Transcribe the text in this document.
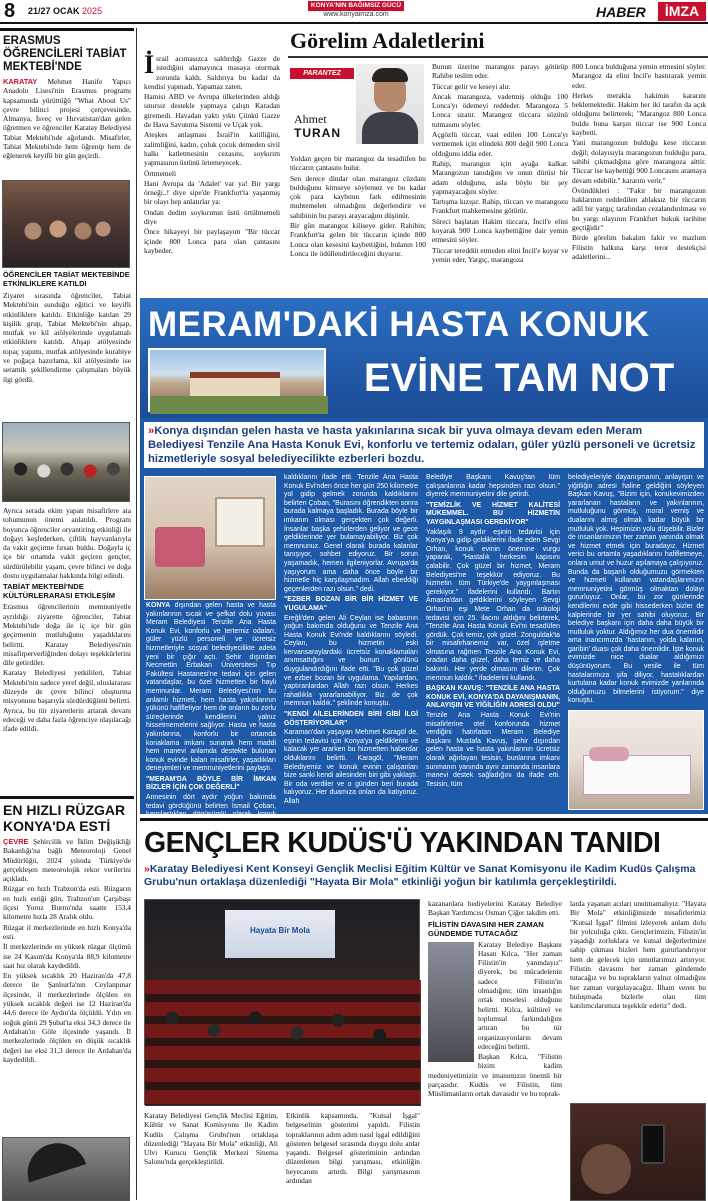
8 21/27 OCAK 2025
KONYA'NIN BAĞIMSIZ GÜCÜ
www.konyaimza.com	HABER	İMZA
ERASMUS ÖĞRENCİLERİ TABİAT MEKTEBİ'NDE

KARATAY Mehmet Hanife Yapıcı Anadolu Lisesi'nin Erasmus programı kapsamında yürüttüğü "What About Us" çevre bilinci projesi çerçevesinde, Almanya, İsveç ve Hırvatistan'dan gelen öğretmen ve öğrenciler Karatay Belediyesi Tabiat Mektebi'nde ağırlandı. Misafirler, Tabiat Mektebi'nde hem öğrenip hem de eğlenerek keyifli bir gün geçirdi.

ÖĞRENCİLER TABİAT MEKTEBİNDE ETKİNLİKLERE KATILDI

Ziyaret sırasında öğrenciler, Tabiat Mektebi'nin sunduğu eğitici ve keyifli etkinliklere katıldı. Etkinliğe katılan 29 kişilik grup, Tabiat Mektebi'nin ahşap, mutfak ve kil atölyelerinde uygulamalı etkinliklere katıldı. Ahşap atölyesinde topaç yapımı, mutfak atölyesinde kurabiye ve poğaça hazırlama, kil atölyesinde ise seramik şekillendirme çalışmaları büyük ilgi gördü.

Ayrıca serada ekim yapan misafirlere ata tohumunun önemi anlatıldı. Program boyunca öğrenciler oryantiring etkinliği ile doğayı keşfederken, çiftlik hayvanlarıyla da vakit geçirme fırsatı buldu. Doğayla iç içe bir ortamda vakit geçiren gençler, sürdürülebilir yaşam, çevre bilinci ve doğa dostu uygulamalar hakkında bilgi edindi.

TABİAT MEKTEBİ'NDE KÜLTÜRLERARASI ETKİLEŞİM

Erasmus öğrencilerinin memnuniyetle ayrıldığı ziyarette öğrenciler, Tabiat Mektebi'nde doğa ile iç içe bir gün geçirmenin mutluluğunu yaşadıklarını belirtti. Karatay Belediyesi'nin misafirperverliğinden dolayı teşekkürlerini dile getirdiler.

Karatay Belediyesi yetkilileri, Tabiat Mektebi'nin sadece yerel değil, uluslararası düzeyde de çevre bilinci oluşturma misyonunu başarıyla sürdürdüğünü belirtti. Ayrıca, bu tür ziyaretlerin artarak devam edeceği ve daha fazla öğrenciye ulaşılacağı ifade edildi.

EN HIZLI RÜZGAR KONYA'DA ESTİ

ÇEVRE Şehircilik ve İklim Değişikliği Bakanlığı'na bağlı Meteoroloji Genel Müdürlüğü, 2024 yılında Türkiye'de gerçekleşen meteorolojik rekor verilerini açıkladı.

Rüzgar en hızlı Trabzon'da esti. Rüzgarın en hızlı estiği gün, Trabzon'un Çarşıbaşı ilçesi Yoruz Burnu'nda saatte 153,4 kilometre hızla 28 Aralık oldu.

Rüzgar il merkezlerinde en hızlı Konya'da esti.

İl merkezlerinde en yüksek rüzgar ölçümü ise 24 Kasım'da Konya'da 88,9 kilometre saat hız olarak kaydedildi.

En yüksek sıcaklık 20 Haziran'da 47,8 derece ile Şanlıurfa'nın Ceylanpınar ilçesinde, il merkezlerinde ölçülen en yüksek sıcaklık değeri ise 12 Haziran'da 44,6 derece ile Aydın'da ölçüldü. Yılın en soğuk günü 29 Şubat'ta eksi 34,3 derece ile Ardahan'ın Göle ilçesinde yaşandı. İl merkezlerinde ölçülen en düşük sıcaklık değeri ise eksi 31,3 derece ile Ardahan'da kaydedildi.

Görelim Adaletlerini

İsrail acımasızca saldırdığı Gazze de istediğini alamayınca masaya oturmak zorunda kaldı. Saldırıya bu kadar da kendisi yapmadı. Yapamaz zaten.

Hamisi ABD ve Avrupa ülkelerinden aldığı sınırsız destekle yapmaya çalıştı Karadan giremedi. Havadan yaktı yıktı Çünkü Gazze de Hava Savunma Sistemi ve Uçak yok.

Ateşkes anlaşması İsrail'in katilliğini, zalimliğini, kadın, çoluk çocuk demeden sivil halkı katletmesinin cezasını, soykırım yapmasının üstünü örtemeyecek.

Örtmemeli

Hani Avrupa da 'Adalet' var ya! Bir yargı örneği..! diye sipe'de Frankfurt'ta yaşanmış bir olayı hep anlatırlar ya:

Ondan dedim soykırımın üstü örtülmemeli diye

Önce hikayeyi bir paylaşayım "Bir tüccar içinde 800 Lonca para olan çantasını kaybeder.

PARANTEZ
Ahmet
TURAN

Yoldan geçen bir marangoz da tesadüfen bu tüccarın çantasını bulur.

Sen derece dindar olan marangoz cüzdanı bulduğunu kimseye söylemez ve bu kadar çok para kaybının fark edilmesinin muhtemelen olmadığını değerlendirir ve sahibinin bu parayı arayacağını düşünür.

Bir gün marangoz kiliseye gider. Rahibin; Frankfurt'ta gelen bir tüccarın içinde 800 Lonca olan kesesini kaybettiğini, bulanın 100 Lonca ile ödüllendirileceğini duyurur.

Bunun üzerine marangoz parayı götürüp Rahibe teslim eder.

Tüccar gelir ve keseyi alır.

Ancak marangoza, vadetmiş olduğu 100 Lonca'yı ödemeyi reddeder. Marangoza 5 Lonca uzatır. Marangoz tüccara sözünü tutmasını söyler.

Açgözlü tüccar, vaat edilen 100 Lonca'yı vermemek için elindeki 800 değil 900 Lonca olduğunu iddia eder.

Rahip, marangoz için ayağa kalkar. Marangozun tanıdığını ve onun dürüst bir adam olduğunu, asla böyle bir şey yapmayacağını söyler.

Tartışma kızışır. Rahip, tüccarı ve marangozu Frankfurt mahkemesine götürür.

Süreci başlatan Hakim tüccara, İncil'e elini koyarak 900 Lonca kaybettiğine dair yemin etmesini söyler.

Tüccar tereddüt etmeden elini İncil'e koyar ve yemin eder. Yargıç, marangoza

800 Lonca bulduğuna yemin etmesini söyler. Marangoz da elini İncil'e bastırarak yemin eder.

Herkes merakla hakimin kararını beklemektedir. Hakim her iki tarafın da açık olduğunu belirterek; "Marangoz 800 Lonca buldu buna karşın tüccar ise 900 Lonca kaybetti.

Yani marangozun bulduğu kese tüccarın değil; dolayısıyla marangozun bulduğu para, sahibi çıkmadığına göre marangoza aittir. Tüccar ise kaybettiği 900 Loncasını aramaya devam edebilir." kararını verir."

Övündükleri : "Fakir bir marangozun haklarının reddedilen ablaksız bir tüccarın adil bir yargıç tarafından cezalandırılması ve bu yargı olayının Frankfurt hukuk tarihine geçtiğidir"

Birde görelim bakalım fakir ve mazlum Filistin halkına karşı teror destekçisi adaletlerini...

MERAM'DAKİ HASTA KONUK
EVİNE TAM NOT
»Konya dışından gelen hasta ve hasta yakınlarına sıcak bir yuva olmaya devam eden Meram Belediyesi Tenzile Ana Hasta Konuk Evi, konforlu ve tertemiz odaları, güler yüzlü personeli ve ücretsiz hizmetleriyle sosyal belediyecilikte ezberleri bozdu.

KONYA dışından gelen hasta ve hasta yakınlarının sıcak ve şefkat dolu yuvası Meram Belediyesi Tenzile Ana Hasta Konuk Evi, konforlu ve tertemiz odaları, güler yüzlü personeli ve ücretsiz hizmetleriyle sosyal belediyecilikte adeta yeni bir çığır açtı. Şehir dışından Necmettin Erbakan Üniversitesi Tıp Fakültesi Hastanesi'ne tedavi için gelen vatandaşlar, bu özel hizmetten bir hayli memnunlar. Meram Belediyesi'nin bu anlamlı hizmeti, hem hasta yakınlarının yükünü hafifletiyor hem de onların bu zorlu süreçlerinde kendilerini yalnız hissetmemelerini sağlıyor. Hasta ve hasta yakınlarına, konforlu bir ortamda konaklama imkanı sunarak hem maddi hem manevi anlamda destekte bulunan konuk evinde kalan misafirler, yaşadıkları deneyimleri ve memnuniyetlerini paylaştı.

"MERAM'DA BÖYLE BİR İMKAN BİZLER İÇİN ÇOK DEĞERLİ"

Annesinin dört aydır yoğun bakımda tedavi gördüğünü belirten İsmail Çoban, karşılaştıkları dönüşümlü olarak konuk evinde

kaldıklarını ifade etti. Tenzile Ana Hasta Konuk Evi'nden önce her gün 250 kilometre yol gidip gelmek zorunda kaldıklarını belirten Çoban, "Burasını öğrendikten sonra burada kalmaya başladık. Burada böyle bir imkanın olması gerçekten çok değerli. İnsanlar başka şehirlerden geliyor ve gece geldiklerinde yer bulamayabiliyor. Biz çok memnunuz. Genel olarak burada kalanlar tanışıyor, sohbet ediyoruz. Bir sorun yaşamadık, hemen ilgileniyorlar. Avrupa'da yaşıyorum ama daha önce böyle bir hizmetle hiç karşılaşmadım. Allah ebeddiği geçenlerden razı olsun." dedi.

"EZBER BOZAN BİR BİR HİZMET VE YUGULAMA"

Ereğli'den gelen Ali Ceylan ise babasının yoğun bakımda olduğunu ve Tenzile Ana Hasta Konuk Evi'nde kaldıklarını söyledi. Ceylan, bu hizmetin eski kervansaraylardaki ücretsiz konaklamaları anımsattığını ve bunun gönlünü duygulandırdığını ifade etti. "Bu çok güzel ve ezber bozan bir uygulama. Yapılardan, yaptıranlardan Allah razı olsun. Herkes rahatlıkla yararlanabiliyor. Biz de çok memnun kaldık." şeklinde konuştu.

"KENDİ AİLELERİNDEN BİRİ GİBİ İLGİ GÖSTERİYORLAR"

Karaman'dan yaşayan Mehmet Karagöl de, eşinin tedavisi için Konya'ya geldiklerini ve kalacak yer ararken bu hizmetten haberdar olduklarını belirtti. Karagöl, "Meram Belediyemiz ve konuk evinin çalışanları bize sanki kendi ailesinden biri gibi yaklaştı. Bir oda verdiler ve o günden beri burada kalıyoruz. Her duamıza onları da katıyoruz. Allah

Belediye Başkanı Kavuş'tan tüm çalışanlarına kadar hepsinden razı olsun." diyerek memnuniyetini dile getirdi.

"TEMİZLİK VE HİZMET KALİTESİ MÜKEMMEL. BU HİZMETİN YAYGINLAŞMASI GEREKİYOR"

Yaklaşık 9 aydır eşinin tedavisi için Konya'ya gidip geldiklerini ifade eden Sevgi Orhan, konuk evinin önemine vurgu yaparak, "Hastalık herkesin kapısını çalabilir. Çok güzel bir hizmet, Meram Belediyesi'ne teşekkür ediyoruz. Bu hizmetin tüm Türkiye'de yaygınlaşması gerekiyor." ifadelerini kullandı. Bartın Amasra'dan geldiklerini söyleyen Sevgi Orhan'ın eşi Mete Orhan da onkoloji tedavisi için 25. ilacını aldığını belirterek, "Tenzile Ana Hasta Konuk Evi'ni tesadüfen gördük. Çok temiz, çok güzel. Zonguldak'ta bir misafirhanemiz var, özel işletme olmasına rağmen Tenzile Ana Konuk Evi, oradan daha güzel, daha temiz ve daha bakımlı. Her yerde olmasını dilerim. Çok memnun kaldık." ifadelerini kullandı.

BAŞKAN KAVUŞ: "TENZİLE ANA HASTA KONUK EVİ, KONYA'DA DAYANIŞMANIN, ANLAYIŞIN VE YİĞİLİĞİN ADRESİ OLDU"

Tenzile Ana Hasta Konuk Evi'nin misafirlerine otel konforunda hizmet verdiğini hatırlatan Meram Belediye Başkanı Mustafa Kavuş, şehir dışından gelen hasta ve hasta yakınlarının ücretsiz olarak ağırlayan tesisin, bunlarına imkanı sunmanın yanında aynı zamanda insanlara manevi destek sağladığını da ifade etti. Tesisin, tüm

belediyeleriyle dayanışmanın, anlayışın ve yiğitliğin adresi haline geldiğini söyleyen Başkan Kavuş, "Bizim için, konukevimizden yararlanan hastaların ve yakınlarının, mutluluğunu görmüş, moral verniş ve dualarını almış olmak kadar büyük bir mutluluk yok. Hepimizin yolu düşebilir. Bizler de insanlarımızın her zaman yanında olmak ve hizmet etmek için buradayız. Hizmet verici bu ortamla yaşadıklarını hafifletmeye, onlara umut ve huzur aşılamaya çalışıyoruz. Bunda da başarılı olduğumuzu görmekten ve hizmeti kullanan vatandaşlarımızın memnuniyetini görmüş olmaktan dolayı gururluyuz. Onlar, bu zor günlerinde kendilerini evde gibi hissederken bizler de kalplerinde bir yer sahibi oluyoruz. Bir belediye başkanı için daha daha büyük bir mutluluk yoktur. Aldığımız her dua önemlidir ama inancımızda 'hastanın, yolda kalanın, garibin' duası çok daha önemlidir. İşte konuk evimizde nice dualar aldığımızı düşünüyorum. Bu vesile ile tüm hastalarımıza şifa diliyor, hastalıklardan kurtulana kadar konuk evimizde yanlarında olduğumuzu bilmelerini istiyorum." diye konuştu.

GENÇLER KUDÜS'Ü YAKINDAN TANIDI
»Karatay Belediyesi Kent Konseyi Gençlik Meclisi Eğitim Kültür ve Sanat Komisyonu ile Kadim Kudüs Çalışma Grubu'nun ortaklaşa düzenlediği "Hayata Bir Mola" etkinliği yoğun bir katılımla gerçekleştirildi.
Hayata Bir Mola

Karatay Belediyesi Gençlik Meclisi Eğitim, Kültür ve Sanat Komisyonu ile Kadim Kudüs Çalışma Grubu'nun ortaklaşa düzenlediği "Hayata Bir Mola" etkinliği, Ali Ulvi Kurucu Gençlik Merkezi Sinema Salonu'nda gerçekleştirildi.

Etkinlik kapsamında, "Kutsal İşgal" belgeselinin gösterimi yapıldı. Filistin topraklarının adım adım nasıl işgal edildiğini gösteren belgesel sırasında duygu dolu anlar yaşandı. Belgesel gösteriminin ardından düzenlenen bilgi yarışması, etkinliğin heyecanını artırdı. Bilgi yarışmasının ardından

kazananlara hediyelerini Karatay Belediye Başkan Yardımcısı Osman Çiğer takdim etti.

FİLİSTİN DAVASINI HER ZAMAN GÜNDEMDE TUTACAĞIZ

Karatay Belediye Başkanı Hasan Kılca, "Her zaman Filistin'in yanındayız" diyerek, bu mücadelenin sadece Filistin'in olmadığını; tüm insanlığın ortak meselesi olduğunu belirtti. Kılca, kültürel ve toplumsal farkındalığını artıran bu tür organizasyonların devam edeceğini belirtti.

Başkan Kılca, "Filistin bizim kadim medeniyetimizin ve imanımızın önemli bir parçasıdır. Kudüs ve Filistin, tüm Müslümanların ortak davasıdır ve bu toprak-

larda yaşanan acıları unutmamalıyız. "Hayata Bir Mola" etkinliğimizde misafirlerimiz "Kutsal İşgal" filmini izleyerek anlam dolu bir yolculuğa çıktı. Gençlerimizin, Filistin'in yaşadığı zorluklara ve kutsal değerlerimize sahip çıkması bizleri hem gururlandırıyor hem de gelecek için umutlarımızı artırıyor. Filistin davasını her zaman gündemde tutacağız ve bu toprakların yalnız olmadığını her zaman vurgulayacağız. İlham veren bu buluşmada bizlerle olan tüm katılımcılarımıza teşekkür ederiz" dedi.
